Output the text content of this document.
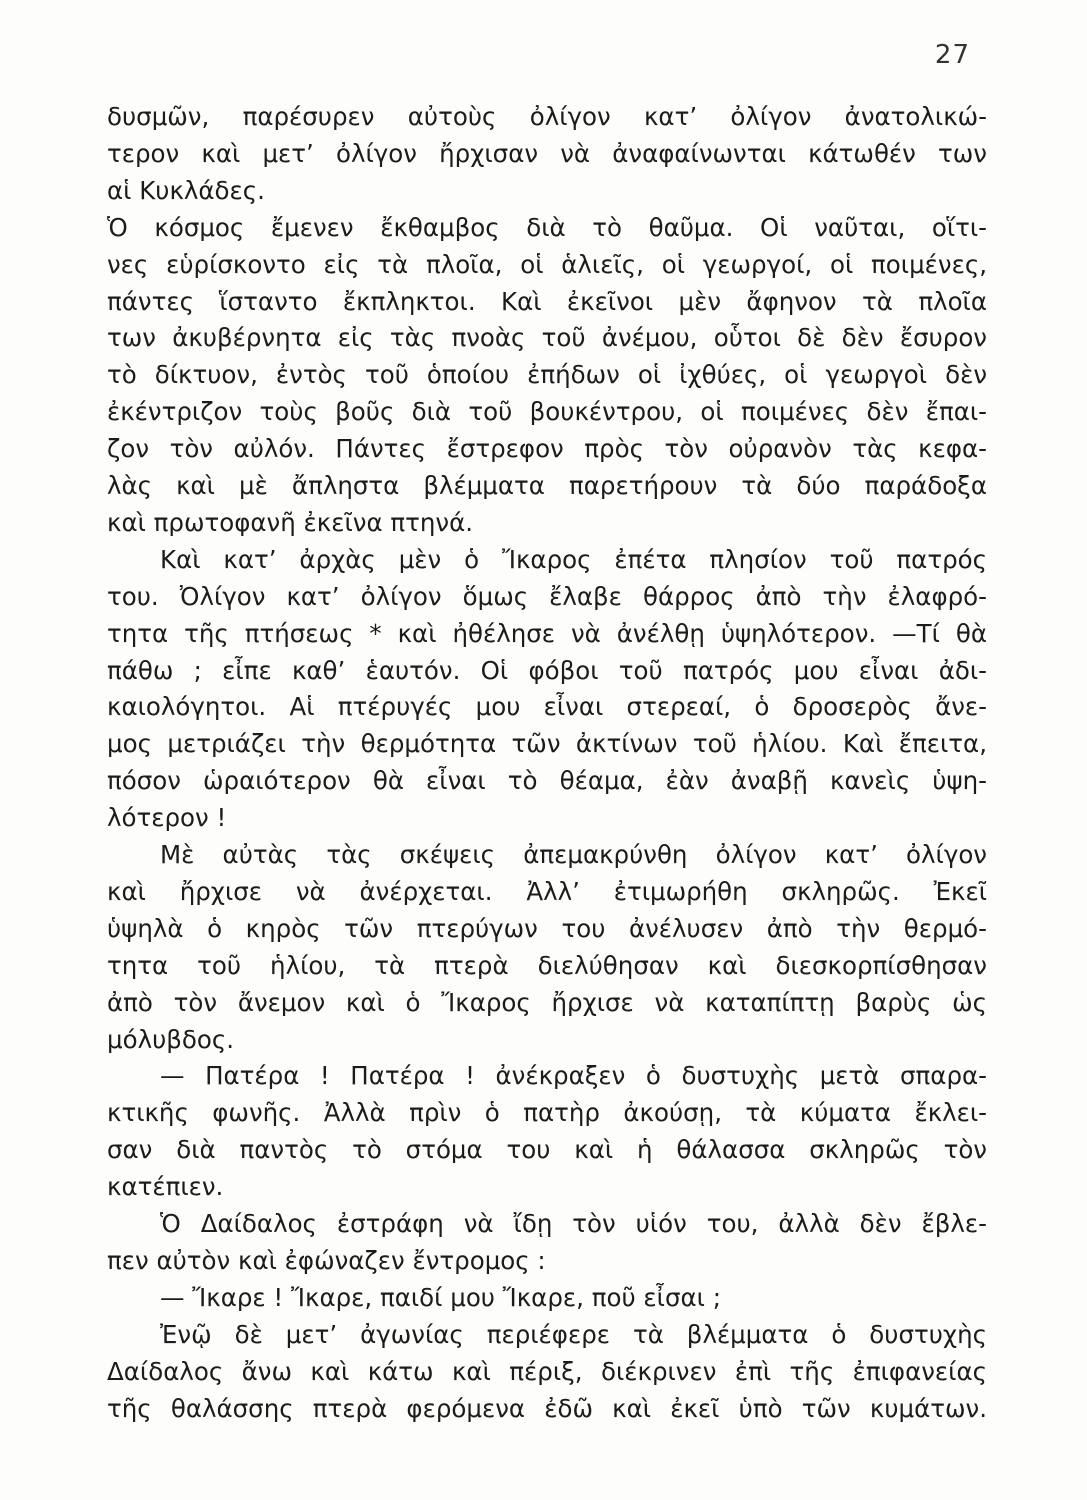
27
δυσμῶν, παρέσυρεν αὐτοὺς ὀλίγον κατ’ ὀλίγον ἀνατολικώ-
τερον καὶ μετ’ ὀλίγον ἤρχισαν νὰ ἀναφαίνωνται κάτωθέν των
αἱ Κυκλάδες.
Ὁ κόσμος ἔμενεν ἔκθαμβος διὰ τὸ θαῦμα. Οἱ ναῦται, οἵτι-
νες εὑρίσκοντο εἰς τὰ πλοῖα, οἱ ἁλιεῖς, οἱ γεωργοί, οἱ ποιμένες,
πάντες ἵσταντο ἔκπληκτοι. Καὶ ἐκεῖνοι μὲν ἄφηνον τὰ πλοῖα
των ἀκυβέρνητα εἰς τὰς πνοὰς τοῦ ἀνέμου, οὗτοι δὲ δὲν ἔσυρον
τὸ δίκτυον, ἐντὸς τοῦ ὁποίου ἐπήδων οἱ ἰχθύες, οἱ γεωργοὶ δὲν
ἐκέντριζον τοὺς βοῦς διὰ τοῦ βουκέντρου, οἱ ποιμένες δὲν ἔπαι-
ζον τὸν αὐλόν. Πάντες ἔστρεφον πρὸς τὸν οὐρανὸν τὰς κεφα-
λὰς καὶ μὲ ἄπληστα βλέμματα παρετήρουν τὰ δύο παράδοξα
καὶ πρωτοφανῆ ἐκεῖνα πτηνά.
Καὶ κατ’ ἀρχὰς μὲν ὁ Ἴκαρος ἐπέτα πλησίον τοῦ πατρός
του. Ὀλίγον κατ’ ὀλίγον ὅμως ἔλαβε θάρρος ἀπὸ τὴν ἐλαφρό-
τητα τῆς πτήσεως * καὶ ἠθέλησε νὰ ἀνέλθῃ ὑψηλότερον. —Τί θὰ
πάθω ; εἶπε καθ’ ἑαυτόν. Οἱ φόβοι τοῦ πατρός μου εἶναι ἀδι-
καιολόγητοι. Αἱ πτέρυγές μου εἶναι στερεαί, ὁ δροσερὸς ἄνε-
μος μετριάζει τὴν θερμότητα τῶν ἀκτίνων τοῦ ἡλίου. Καὶ ἔπειτα,
πόσον ὡραιότερον θὰ εἶναι τὸ θέαμα, ἐὰν ἀναβῇ κανεὶς ὑψη-
λότερον !
Μὲ αὐτὰς τὰς σκέψεις ἀπεμακρύνθη ὀλίγον κατ’ ὀλίγον
καὶ ἤρχισε νὰ ἀνέρχεται. Ἀλλ’ ἐτιμωρήθη σκληρῶς. Ἐκεῖ
ὑψηλὰ ὁ κηρὸς τῶν πτερύγων του ἀνέλυσεν ἀπὸ τὴν θερμό-
τητα τοῦ ἡλίου, τὰ πτερὰ διελύθησαν καὶ διεσκορπίσθησαν
ἀπὸ τὸν ἄνεμον καὶ ὁ Ἴκαρος ἤρχισε νὰ καταπίπτῃ βαρὺς ὡς
μόλυβδος.
— Πατέρα ! Πατέρα ! ἀνέκραξεν ὁ δυστυχὴς μετὰ σπαρα-
κτικῆς φωνῆς. Ἀλλὰ πρὶν ὁ πατὴρ ἀκούσῃ, τὰ κύματα ἔκλει-
σαν διὰ παντὸς τὸ στόμα του καὶ ἡ θάλασσα σκληρῶς τὸν
κατέπιεν.
Ὁ Δαίδαλος ἐστράφη νὰ ἴδῃ τὸν υἱόν του, ἀλλὰ δὲν ἔβλε-
πεν αὐτὸν καὶ ἐφώναζεν ἔντρομος :
— Ἴκαρε ! Ἴκαρε, παιδί μου Ἴκαρε, ποῦ εἶσαι ;
Ἐνῷ δὲ μετ’ ἀγωνίας περιέφερε τὰ βλέμματα ὁ δυστυχὴς
Δαίδαλος ἄνω καὶ κάτω καὶ πέριξ, διέκρινεν ἐπὶ τῆς ἐπιφανείας
τῆς θαλάσσης πτερὰ φερόμενα ἐδῶ καὶ ἐκεῖ ὑπὸ τῶν κυμάτων.
